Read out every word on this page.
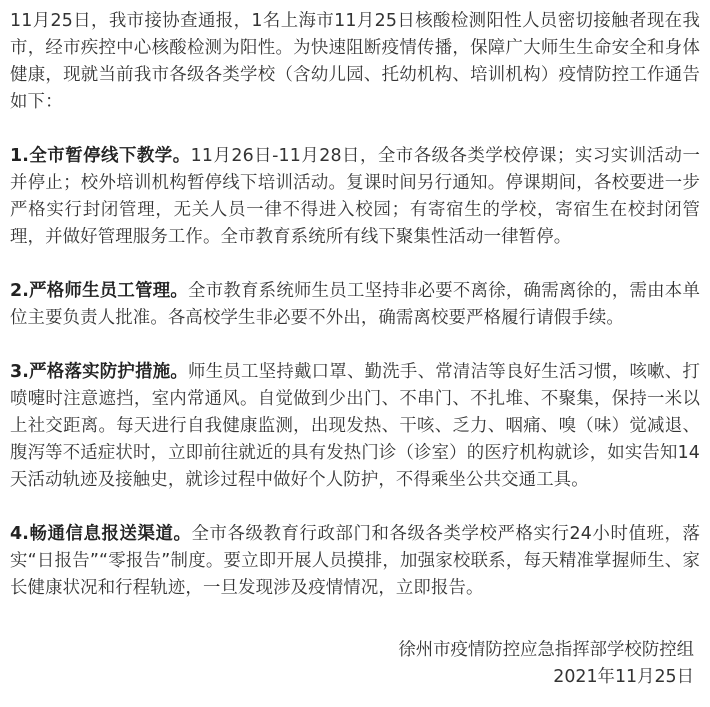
11月25日，我市接协查通报，1名上海市11月25日核酸检测阳性人员密切接触者现在我市，经市疾控中心核酸检测为阳性。为快速阻断疫情传播，保障广大师生生命安全和身体健康，现就当前我市各级各类学校（含幼儿园、托幼机构、培训机构）疫情防控工作通告如下：

1.全市暂停线下教学。11月26日-11月28日，全市各级各类学校停课；实习实训活动一并停止；校外培训机构暂停线下培训活动。复课时间另行通知。停课期间，各校要进一步严格实行封闭管理，无关人员一律不得进入校园；有寄宿生的学校，寄宿生在校封闭管理，并做好管理服务工作。全市教育系统所有线下聚集性活动一律暂停。

2.严格师生员工管理。全市教育系统师生员工坚持非必要不离徐，确需离徐的，需由本单位主要负责人批准。各高校学生非必要不外出，确需离校要严格履行请假手续。

3.严格落实防护措施。师生员工坚持戴口罩、勤洗手、常清洁等良好生活习惯，咳嗽、打喷嚏时注意遮挡，室内常通风。自觉做到少出门、不串门、不扎堆、不聚集，保持一米以上社交距离。每天进行自我健康监测，出现发热、干咳、乏力、咽痛、嗅（味）觉减退、腹泻等不适症状时，立即前往就近的具有发热门诊（诊室）的医疗机构就诊，如实告知14天活动轨迹及接触史，就诊过程中做好个人防护，不得乘坐公共交通工具。

4.畅通信息报送渠道。全市各级教育行政部门和各级各类学校严格实行24小时值班，落实“日报告”“零报告”制度。要立即开展人员摸排，加强家校联系，每天精准掌握师生、家长健康状况和行程轨迹，一旦发现涉及疫情情况，立即报告。

徐州市疫情防控应急指挥部学校防控组
2021年11月25日
